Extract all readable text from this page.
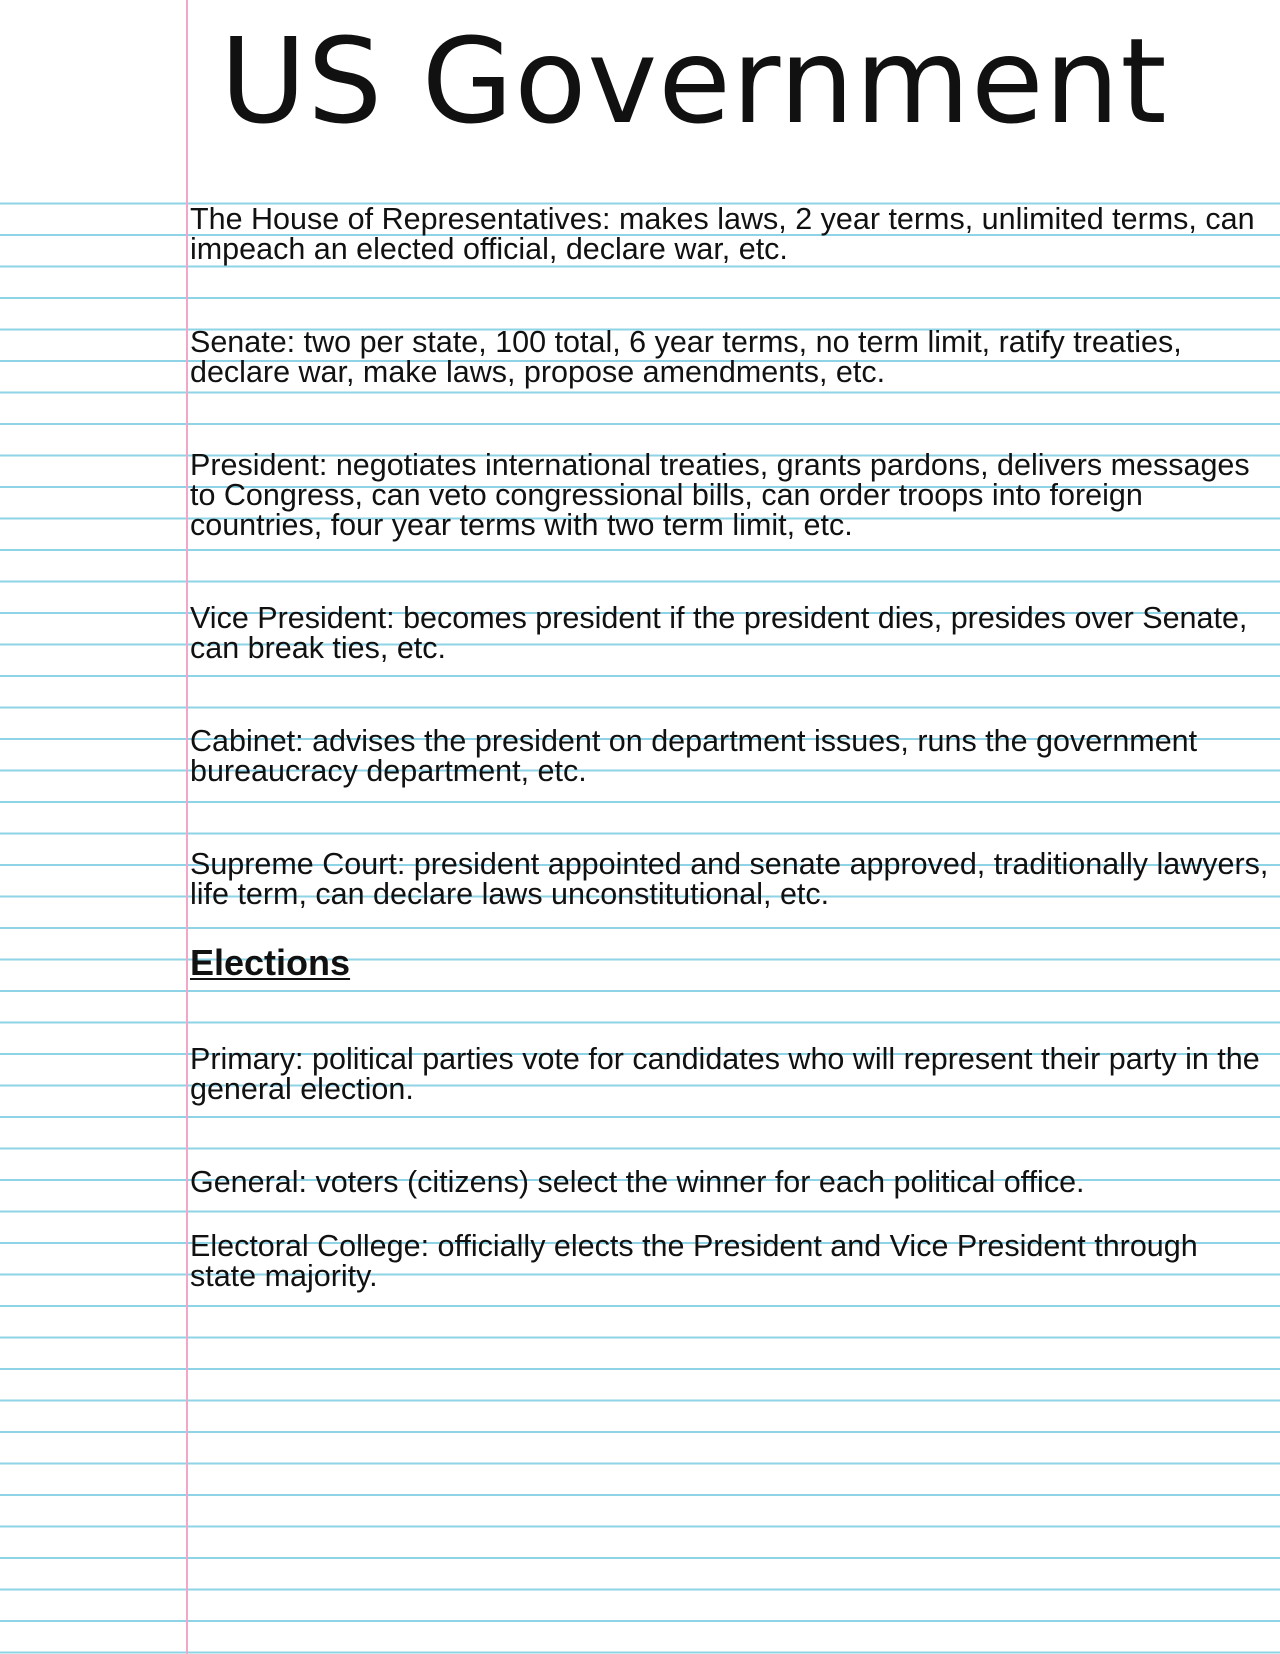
US Government

The House of Representatives: makes laws, 2 year terms, unlimited terms, can impeach an elected official, declare war, etc.

Senate: two per state, 100 total, 6 year terms, no term limit, ratify treaties, declare war, make laws, propose amendments, etc.

President: negotiates international treaties, grants pardons, delivers messages to Congress, can veto congressional bills, can order troops into foreign countries, four year terms with two term limit, etc.

Vice President: becomes president if the president dies, presides over Senate, can break ties, etc.

Cabinet: advises the president on department issues, runs the government bureaucracy department, etc.

Supreme Court: president appointed and senate approved, traditionally lawyers, life term, can declare laws unconstitutional, etc.

Elections

Primary: political parties vote for candidates who will represent their party in the general election.

General: voters (citizens) select the winner for each political office.

Electoral College: officially elects the President and Vice President through state majority.
